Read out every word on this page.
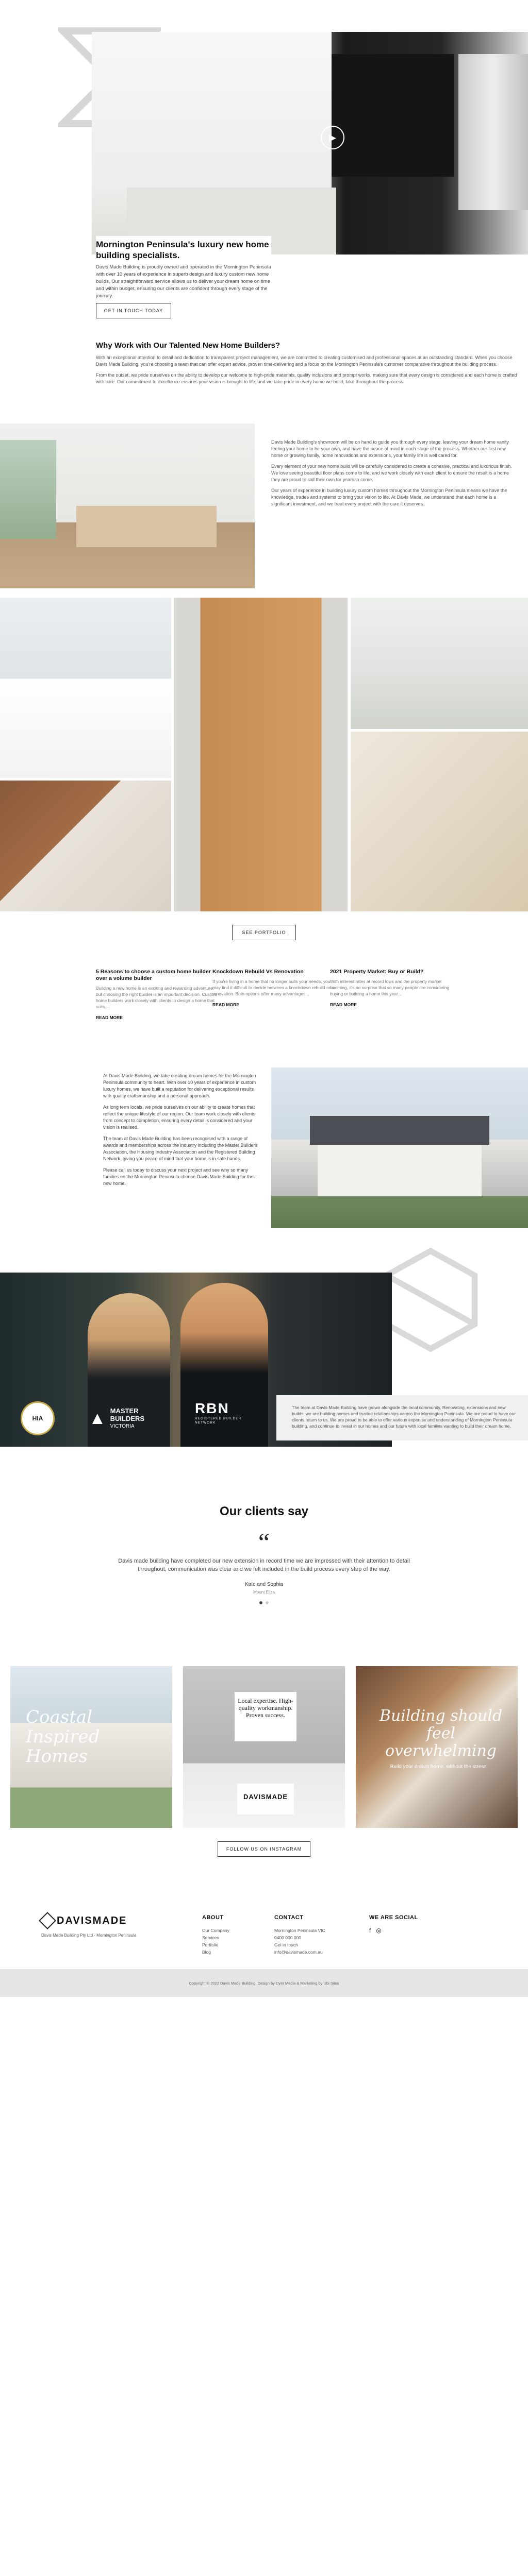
▶
Mornington Peninsula's luxury new home building specialists.
Davis Made Building is proudly owned and operated in the Mornington Peninsula with over 10 years of experience in superb design and luxury custom new home builds. Our straightforward service allows us to deliver your dream home on time and within budget, ensuring our clients are confident through every stage of the journey.
GET IN TOUCH TODAY
Why Work with Our Talented New Home Builders?

With an exceptional attention to detail and dedication to transparent project management, we are committed to creating customised and professional spaces at an outstanding standard. When you choose Davis Made Building, you're choosing a team that can offer expert advice, proven time-delivering and a focus on the Mornington Peninsula's customer comparative throughout the building process.

From the outset, we pride ourselves on the ability to develop our welcome to high-pride materials, quality inclusions and prompt works, making sure that every design is considered and each home is crafted with care. Our commitment to excellence ensures your vision is brought to life, and we take pride in every home we build, take throughout the process.

Davis Made Building's showroom will be on hand to guide you through every stage, leaving your dream home vanity feeling your home to be your own, and have the peace of mind in each stage of the process. Whether our first new home or growing family, home renovations and extensions, your family life is well cared for.

Every element of your new home build will be carefully considered to create a cohesive, practical and luxurious finish. We love seeing beautiful floor plans come to life, and we work closely with each client to ensure the result is a home they are proud to call their own for years to come.

Our years of experience in building luxury custom homes throughout the Mornington Peninsula means we have the knowledge, trades and systems to bring your vision to life. At Davis Made, we understand that each home is a significant investment, and we treat every project with the care it deserves.

SEE PORTFOLIO
5 Reasons to choose a custom home builder over a volume builder
Building a new home is an exciting and rewarding adventure, but choosing the right builder is an important decision. Custom home builders work closely with clients to design a home that suits...
READ MORE
Knockdown Rebuild Vs Renovation
If you're living in a home that no longer suits your needs, you may find it difficult to decide between a knockdown rebuild or a renovation. Both options offer many advantages...
READ MORE
2021 Property Market: Buy or Build?
With interest rates at record lows and the property market booming, it's no surprise that so many people are considering buying or building a home this year...
READ MORE

At Davis Made Building, we take creating dream homes for the Mornington Peninsula community to heart. With over 10 years of experience in custom luxury homes, we have built a reputation for delivering exceptional results with quality craftsmanship and a personal approach.

As long term locals, we pride ourselves on our ability to create homes that reflect the unique lifestyle of our region. Our team work closely with clients from concept to completion, ensuring every detail is considered and your vision is realised.

The team at Davis Made Building has been recognised with a range of awards and memberships across the industry including the Master Builders Association, the Housing Industry Association and the Registered Building Network, giving you peace of mind that your home is in safe hands.

Please call us today to discuss your next project and see why so many families on the Mornington Peninsula choose Davis Made Building for their new home.

HIA	▲ MASTER
BUILDERS
VICTORIA
RBN
REGISTERED BUILDER NETWORK
The team at Davis Made Building have grown alongside the local community. Renovating, extensions and new builds, we are building homes and trusted relationships across the Mornington Peninsula. We are proud to have our clients return to us. We are proud to be able to offer various expertise and understanding of Mornington Peninsula building, and continue to invest in our homes and our future with local families wanting to build their dream home.
Our clients say
“
Davis made building have completed our new extension in record time we are impressed with their attention to detail throughout, communication was clear and we felt included in the build process every step of the way.
Kate and Sophia
Mount Eliza
Coastal Inspired Homes
Local expertise. High-quality workmanship. Proven success.
DAVISMADE
Building should feel overwhelming
Build your dream home, without the stress
FOLLOW US ON INSTAGRAM
DAVISMADE
Davis Made Building Pty Ltd · Mornington Peninsula
ABOUT
Our Company
Services
Portfolio
Blog
CONTACT
Mornington Peninsula VIC
0400 000 000
Get in touch
info@davismade.com.au
WE ARE SOCIAL
f ◎
Copyright © 2022 Davis Made Building. Design by Dyer Media & Marketing by Ubi Sites
